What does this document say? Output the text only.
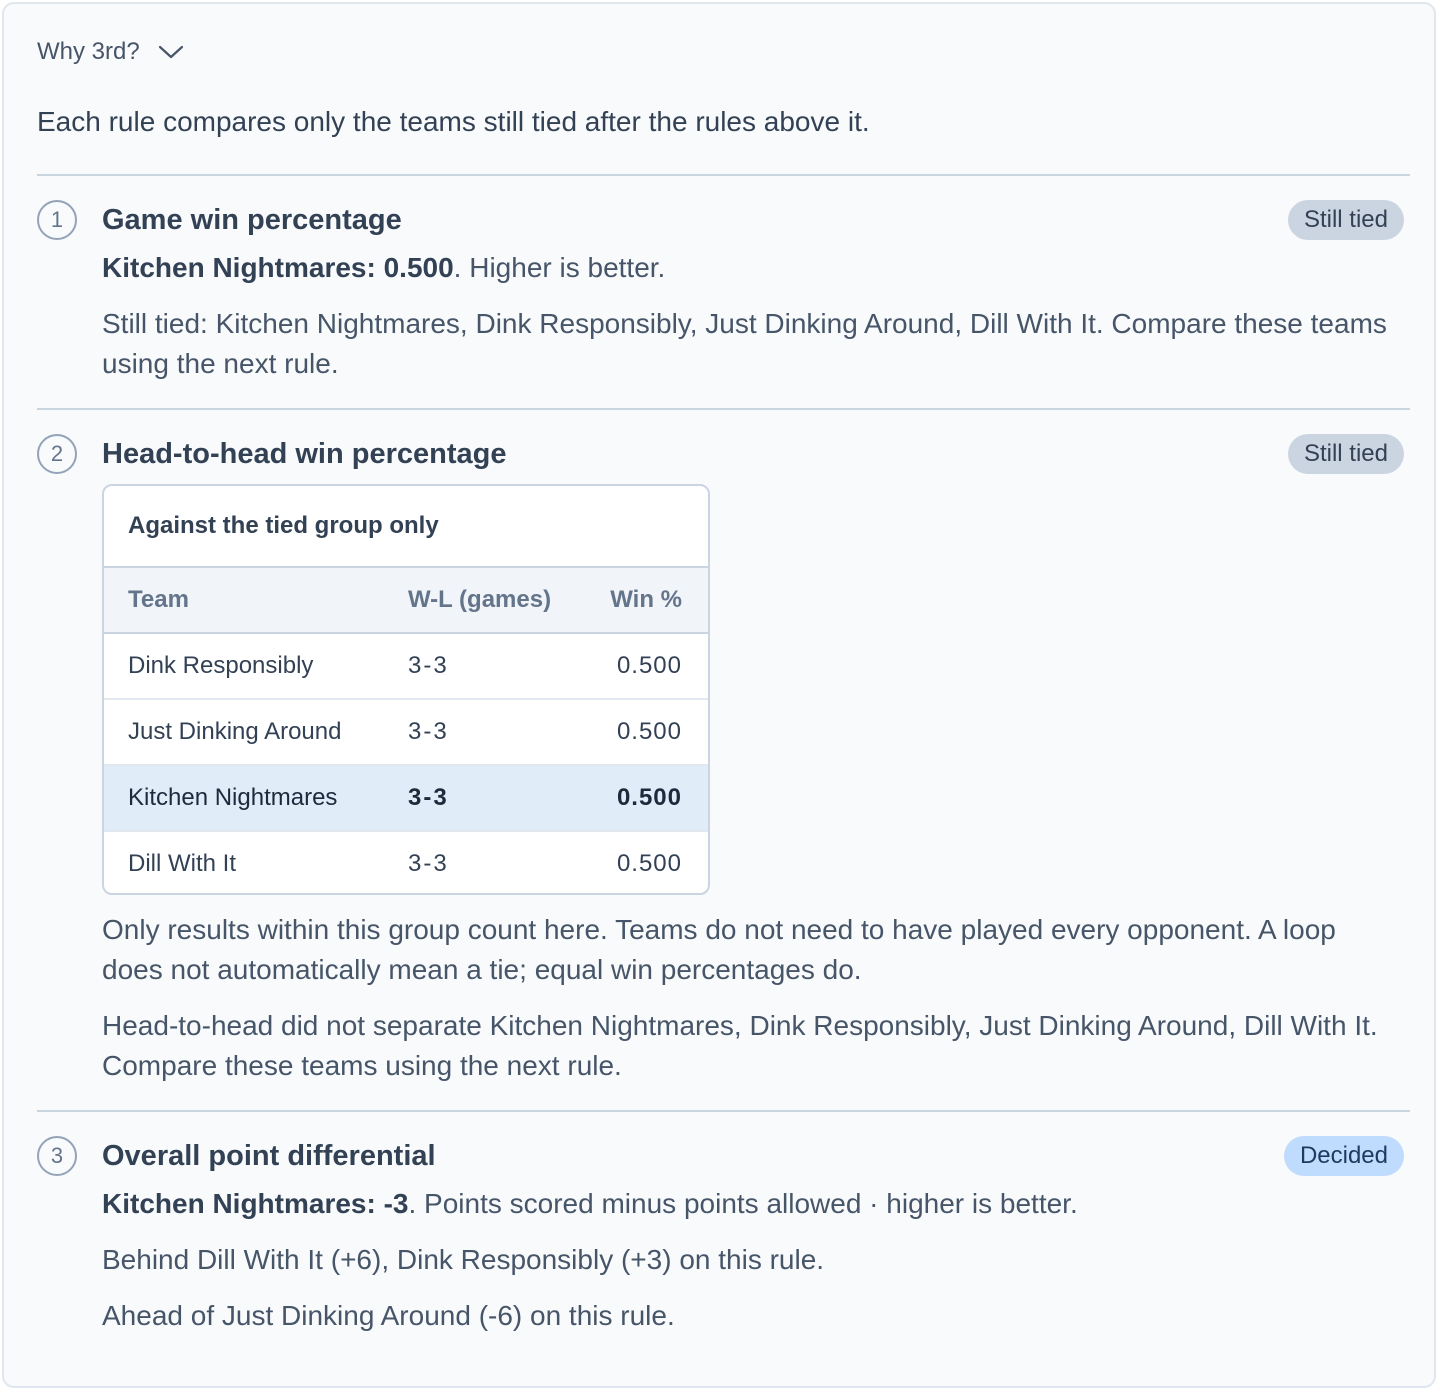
Why 3rd?
Each rule compares only the teams still tied after the rules above it.
1	Game win percentage	Still tied
Kitchen Nightmares: 0.500. Higher is better.
Still tied: Kitchen Nightmares, Dink Responsibly, Just Dinking Around, Dill With It. Compare these teams using the next rule.
2	Head-to-head win percentage	Still tied
Against the tied group only
Team	W-L (games)	Win %
Dink Responsibly	3-3	0.500
Just Dinking Around	3-3	0.500
Kitchen Nightmares	3-3	0.500
Dill With It	3-3	0.500
Only results within this group count here. Teams do not need to have played every opponent. A loop does not automatically mean a tie; equal win percentages do.
Head-to-head did not separate Kitchen Nightmares, Dink Responsibly, Just Dinking Around, Dill With It. Compare these teams using the next rule.
3	Overall point differential	Decided
Kitchen Nightmares: -3. Points scored minus points allowed · higher is better.
Behind Dill With It (+6), Dink Responsibly (+3) on this rule.
Ahead of Just Dinking Around (-6) on this rule.
